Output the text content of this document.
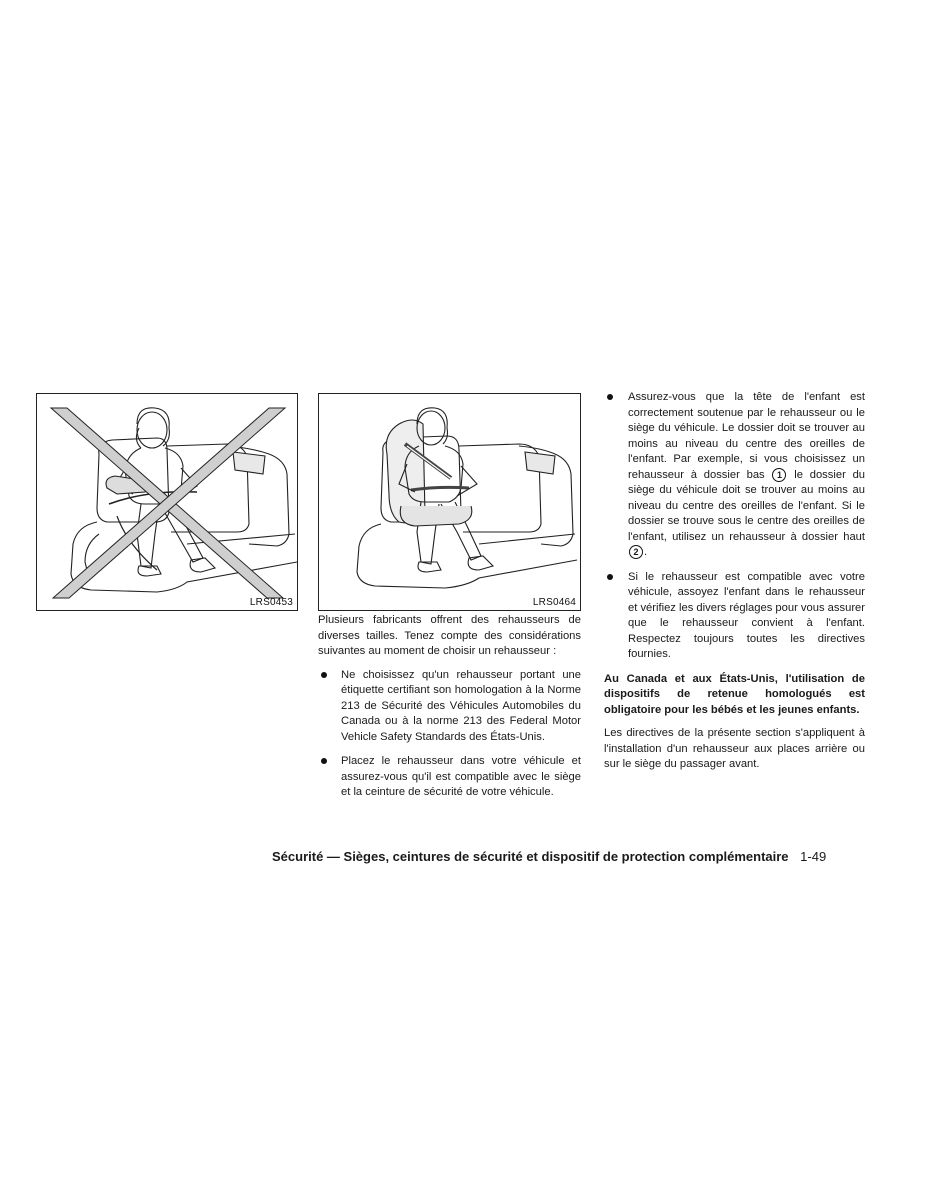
LRS0453	LRS0464

Plusieurs fabricants offrent des rehausseurs de diverses tailles. Tenez compte des considérations suivantes au moment de choisir un rehausseur :

Ne choisissez qu'un rehausseur portant une étiquette certifiant son homologation à la Norme 213 de Sécurité des Véhicules Automobiles du Canada ou à la norme 213 des Federal Motor Vehicle Safety Standards des États-Unis.
Placez le rehausseur dans votre véhicule et assurez-vous qu'il est compatible avec le siège et la ceinture de sécurité de votre véhicule.
Assurez-vous que la tête de l'enfant est correctement soutenue par le rehausseur ou le siège du véhicule. Le dossier doit se trouver au moins au niveau du centre des oreilles de l'enfant. Par exemple, si vous choisissez un rehausseur à dossier bas 1 le dossier du siège du véhicule doit se trouver au moins au niveau du centre des oreilles de l'enfant. Si le dossier se trouve sous le centre des oreilles de l'enfant, utilisez un rehausseur à dossier haut 2 .
Si le rehausseur est compatible avec votre véhicule, assoyez l'enfant dans le rehausseur et vérifiez les divers réglages pour vous assurer que le rehausseur convient à l'enfant. Respectez toujours toutes les directives fournies.

Au Canada et aux États-Unis, l'utilisation de dispositifs de retenue homologués est obligatoire pour les bébés et les jeunes enfants.

Les directives de la présente section s'appliquent à l'installation d'un rehausseur aux places arrière ou sur le siège du passager avant.

Sécurité — Sièges, ceintures de sécurité et dispositif de protection complémentaire 1-49
